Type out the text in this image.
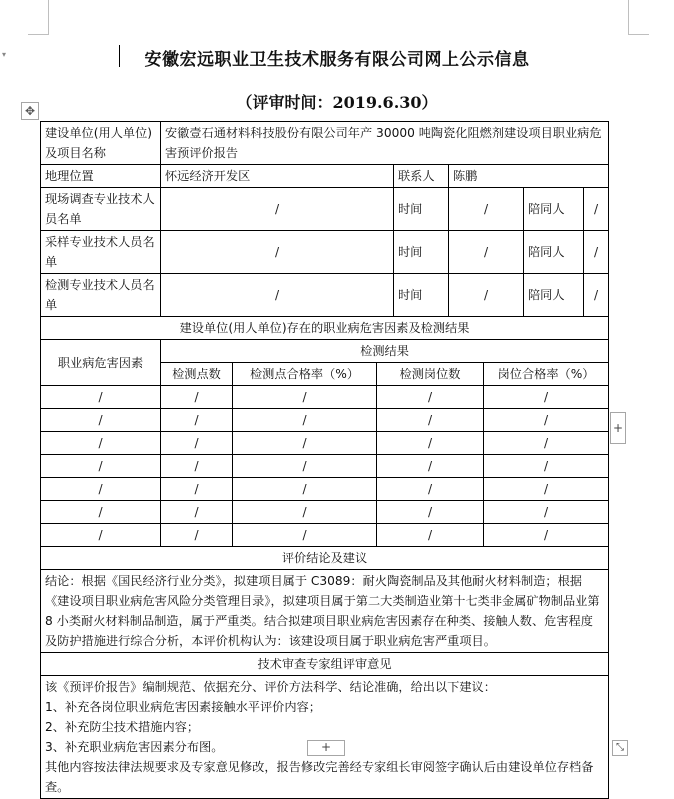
▾	安徽宏远职业卫生技术服务有限公司网上公示信息
（评审时间：2019.6.30）
✥
建设单位(用人单位)及项目名称	安徽壹石通材料科技股份有限公司年产 30000 吨陶瓷化阻燃剂建设项目职业病危害预评价报告							
地理位置	怀远经济开发区			联系人	陈鹏			
现场调查专业技术人员名单	/			时间	/		陪同人	/
采样专业技术人员名单	/			时间	/		陪同人	/
检测专业技术人员名单	/			时间	/		陪同人	/
建设单位(用人单位)存在的职业病危害因素及检测结果								
职业病危害因素	检测结果							
	检测点数	检测点合格率（%）	检测岗位数			岗位合格率（%）		
/	/	/	/			/		
/	/	/	/			/		
/	/	/	/			/		
/	/	/	/			/		
/	/	/	/			/		
/	/	/	/			/		
/	/	/	/			/		
评价结论及建议								
结论：根据《国民经济行业分类》，拟建项目属于 C3089：耐火陶瓷制品及其他耐火材料制造；根据《建设项目职业病危害风险分类管理目录》，拟建项目属于第二大类制造业第十七类非金属矿物制品业第 8 小类耐火材料制品制造，属于严重类。结合拟建项目职业病危害因素存在种类、接触人数、危害程度及防护措施进行综合分析，本评价机构认为：该建设项目属于职业病危害严重项目。								
技术审查专家组评审意见								

该《预评价报告》编制规范、依据充分、评价方法科学、结论准确，给出以下建议：
1、补充各岗位职业病危害因素接触水平评价内容；
2、补充防尘技术措施内容；
3、补充职业病危害因素分布图。
其他内容按法律法规要求及专家意见修改，报告修改完善经专家组长审阅签字确认后由建设单位存档备查。								
+
+	⤡
